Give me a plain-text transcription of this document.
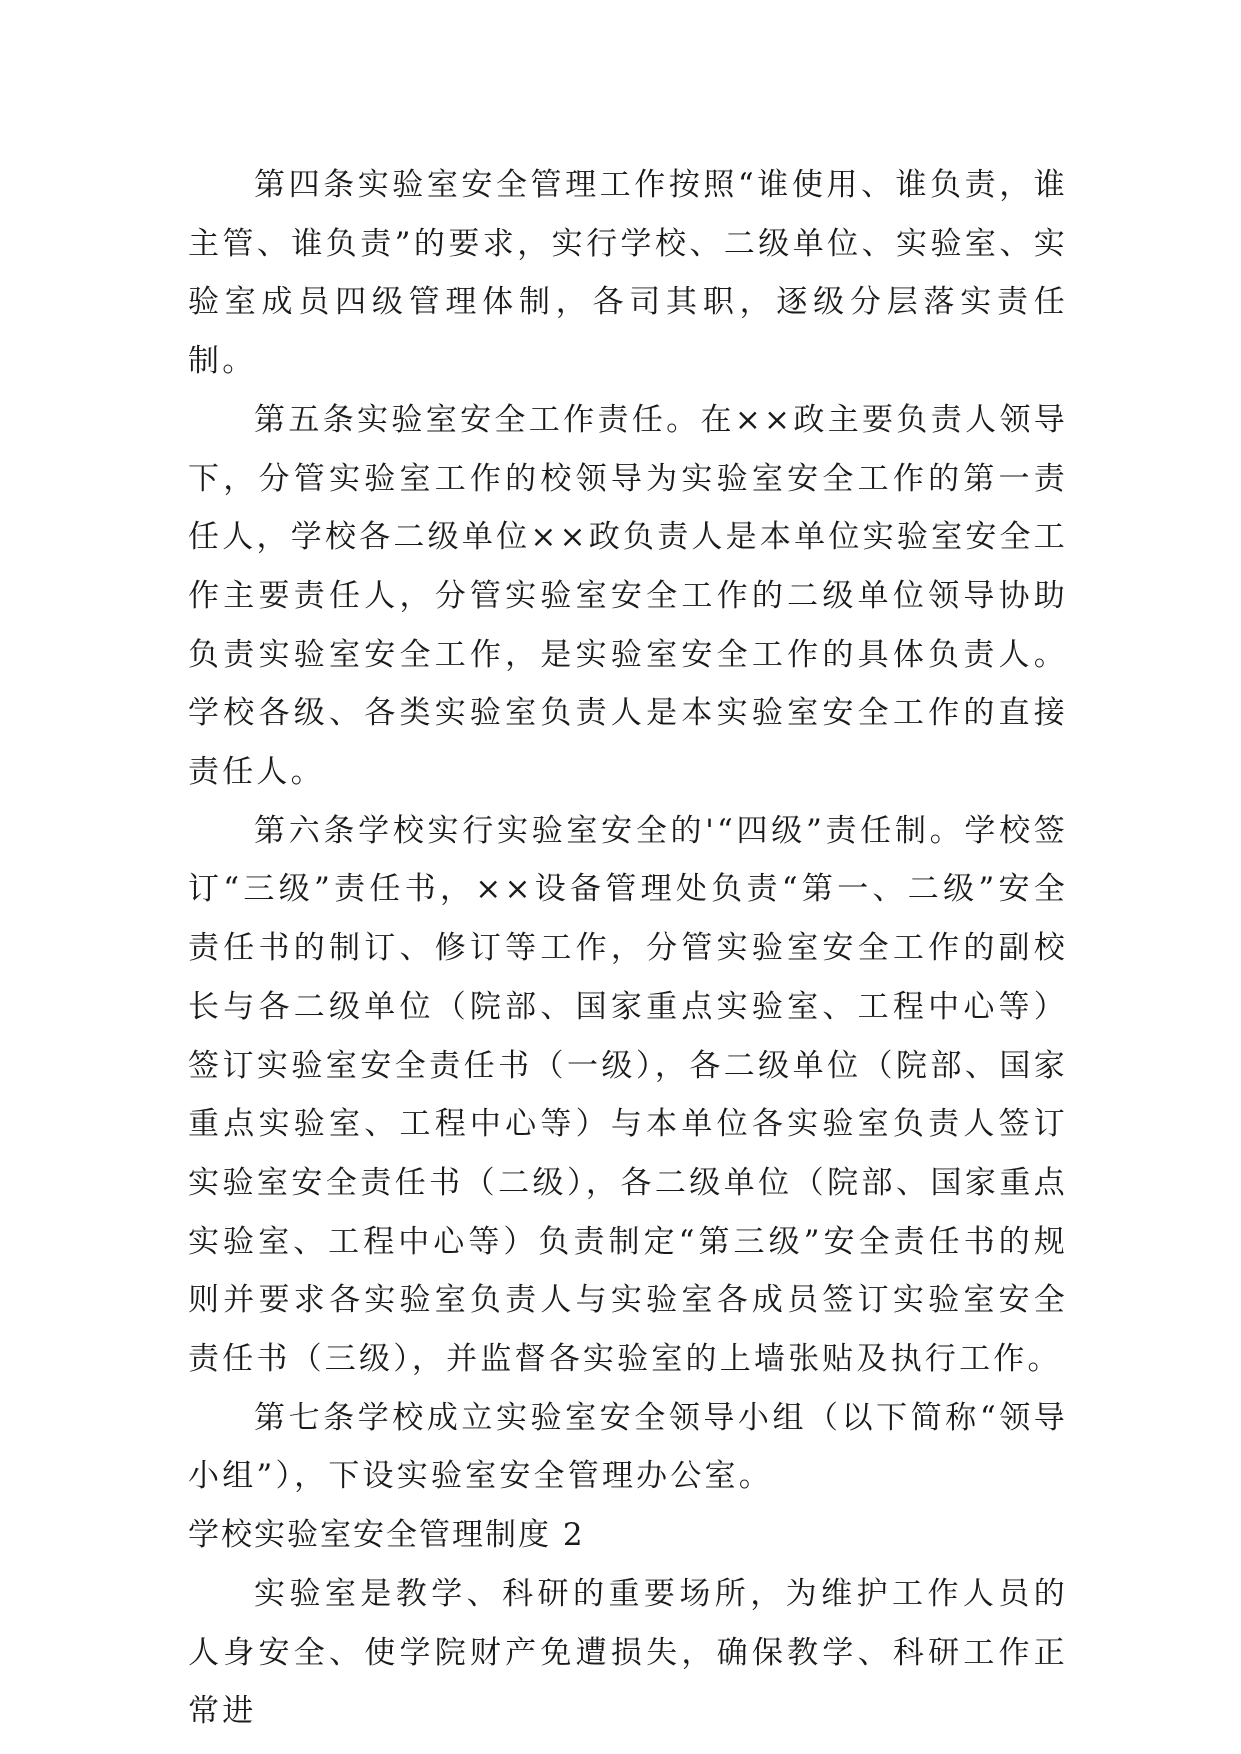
第四条实验室安全管理工作按照“谁使用、谁负责，谁主管、谁负责”的要求，实行学校、二级单位、实验室、实验室成员四级管理体制，各司其职，逐级分层落实责任制。

第五条实验室安全工作责任。在××政主要负责人领导下，分管实验室工作的校领导为实验室安全工作的第一责任人，学校各二级单位××政负责人是本单位实验室安全工作主要责任人，分管实验室安全工作的二级单位领导协助负责实验室安全工作，是实验室安全工作的具体负责人。学校各级、各类实验室负责人是本实验室安全工作的直接责任人。

第六条学校实行实验室安全的'“四级”责任制。学校签订“三级”责任书，××设备管理处负责“第一、二级”安全责任书的制订、修订等工作，分管实验室安全工作的副校长与各二级单位（院部、国家重点实验室、工程中心等）签订实验室安全责任书（一级），各二级单位（院部、国家重点实验室、工程中心等）与本单位各实验室负责人签订实验室安全责任书（二级），各二级单位（院部、国家重点实验室、工程中心等）负责制定“第三级”安全责任书的规则并要求各实验室负责人与实验室各成员签订实验室安全责任书（三级），并监督各实验室的上墙张贴及执行工作。

第七条学校成立实验室安全领导小组（以下简称“领导小组”），下设实验室安全管理办公室。

学校实验室安全管理制度 2

实验室是教学、科研的重要场所，为维护工作人员的人身安全、使学院财产免遭损失，确保教学、科研工作正常进
